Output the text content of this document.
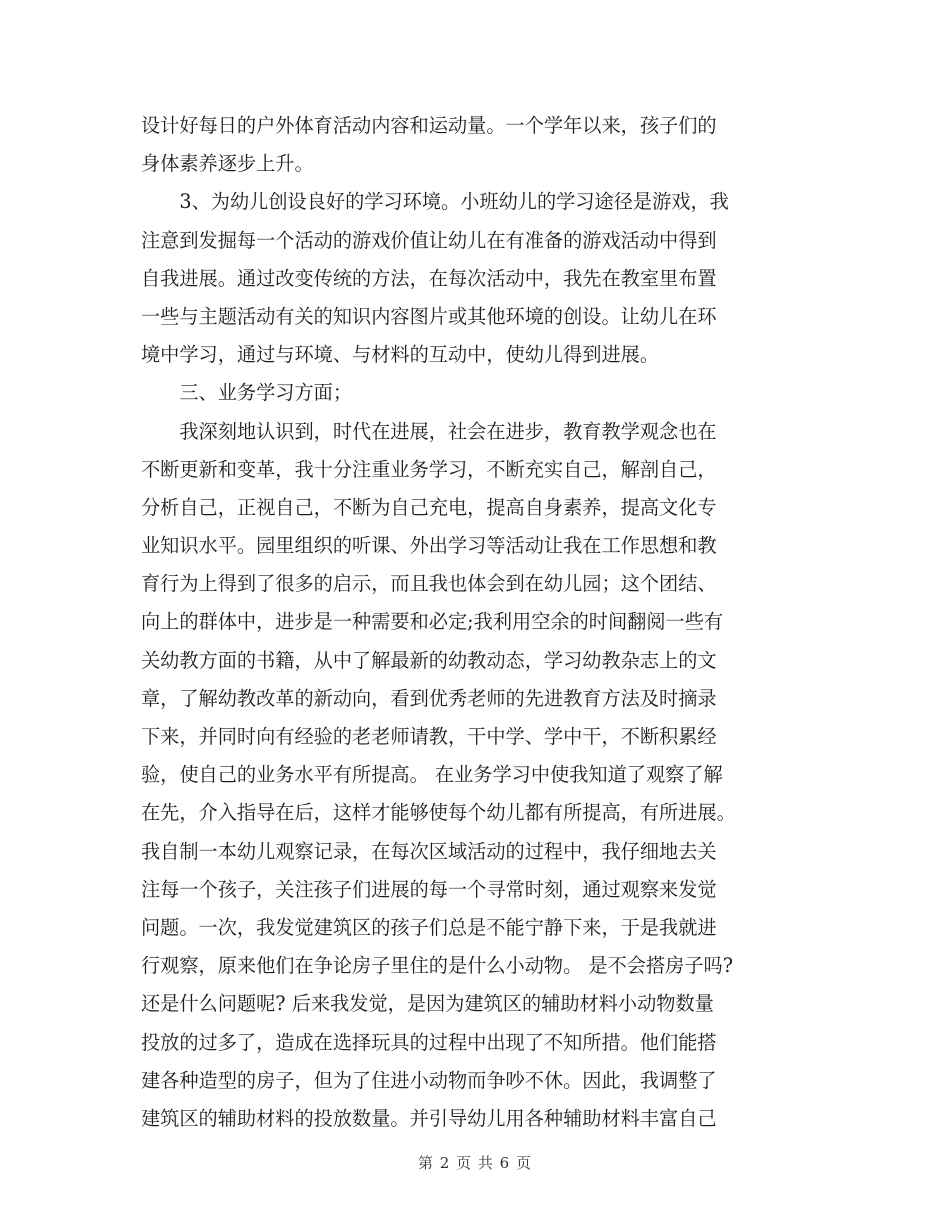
设计好每日的户外体育活动内容和运动量。一个学年以来，孩子们的
身体素养逐步上升。
　　3、为幼儿创设良好的学习环境。小班幼儿的学习途径是游戏，我
注意到发掘每一个活动的游戏价值让幼儿在有准备的游戏活动中得到
自我进展。通过改变传统的方法，在每次活动中，我先在教室里布置
一些与主题活动有关的知识内容图片或其他环境的创设。让幼儿在环
境中学习，通过与环境、与材料的互动中，使幼儿得到进展。
　　三、业务学习方面；
　　我深刻地认识到，时代在进展，社会在进步，教育教学观念也在
不断更新和变革，我十分注重业务学习，不断充实自己，解剖自己，
分析自己，正视自己，不断为自己充电，提高自身素养，提高文化专
业知识水平。园里组织的听课、外出学习等活动让我在工作思想和教
育行为上得到了很多的启示，而且我也体会到在幼儿园；这个团结、
向上的群体中，进步是一种需要和必定;我利用空余的时间翻阅一些有
关幼教方面的书籍，从中了解最新的幼教动态，学习幼教杂志上的文
章，了解幼教改革的新动向，看到优秀老师的先进教育方法及时摘录
下来，并同时向有经验的老老师请教，干中学、学中干，不断积累经
验，使自己的业务水平有所提高。 在业务学习中使我知道了观察了解
在先，介入指导在后，这样才能够使每个幼儿都有所提高，有所进展。
我自制一本幼儿观察记录，在每次区域活动的过程中，我仔细地去关
注每一个孩子，关注孩子们进展的每一个寻常时刻，通过观察来发觉
问题。一次，我发觉建筑区的孩子们总是不能宁静下来，于是我就进
行观察，原来他们在争论房子里住的是什么小动物。 是不会搭房子吗?
还是什么问题呢? 后来我发觉，是因为建筑区的辅助材料小动物数量
投放的过多了，造成在选择玩具的过程中出现了不知所措。他们能搭
建各种造型的房子，但为了住进小动物而争吵不休。因此，我调整了
建筑区的辅助材料的投放数量。并引导幼儿用各种辅助材料丰富自己
第 2 页 共 6 页
